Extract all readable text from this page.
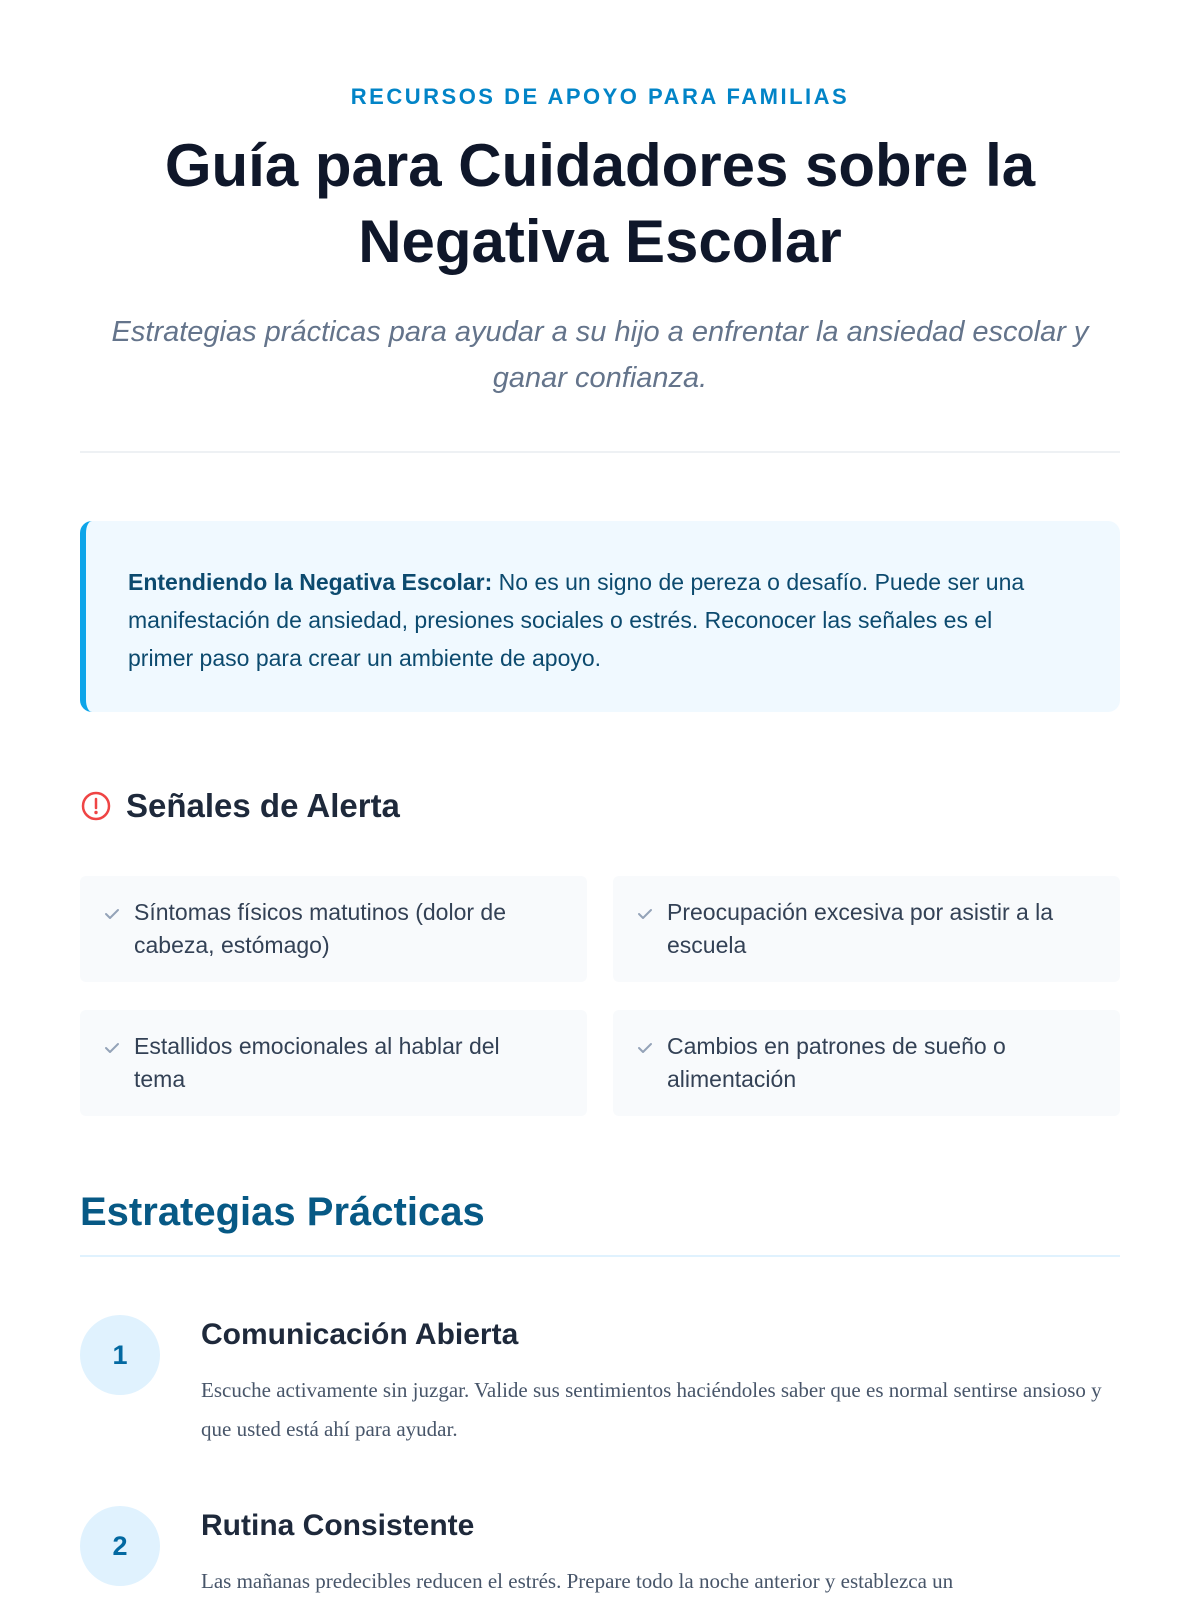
RECURSOS DE APOYO PARA FAMILIAS
Guía para Cuidadores sobre la Negativa Escolar

Estrategias prácticas para ayudar a su hijo a enfrentar la ansiedad escolar y ganar confianza.

Entendiendo la Negativa Escolar: No es un signo de pereza o desafío. Puede ser una manifestación de ansiedad, presiones sociales o estrés. Reconocer las señales es el primer paso para crear un ambiente de apoyo.
Señales de Alerta
Síntomas físicos matutinos (dolor de cabeza, estómago)
Preocupación excesiva por asistir a la escuela
Estallidos emocionales al hablar del tema
Cambios en patrones de sueño o alimentación
Estrategias Prácticas
1
Comunicación Abierta

Escuche activamente sin juzgar. Valide sus sentimientos haciéndoles saber que es normal sentirse ansioso y que usted está ahí para ayudar.

2
Rutina Consistente

Las mañanas predecibles reducen el estrés. Prepare todo la noche anterior y establezca un
